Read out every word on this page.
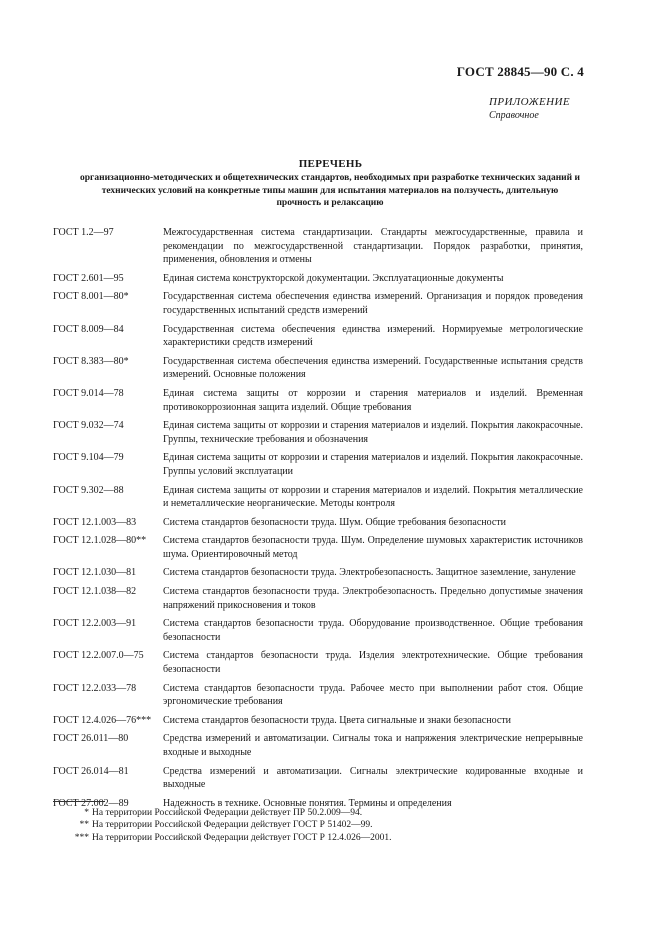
ГОСТ 28845—90 С. 4
ПРИЛОЖЕНИЕ
Справочное
ПЕРЕЧЕНЬ
организационно-методических и общетехнических стандартов, необходимых при разработке технических заданий и технических условий на конкретные типы машин для испытания материалов на ползучесть, длительную прочность и релаксацию
ГОСТ 1.2—97	Межгосударственная система стандартизации. Стандарты межгосударственные, правила и рекомендации по межгосударственной стандартизации. Порядок разработки, принятия, применения, обновления и отмены
ГОСТ 2.601—95	Единая система конструкторской документации. Эксплуатационные документы
ГОСТ 8.001—80*	Государственная система обеспечения единства измерений. Организация и порядок проведения государственных испытаний средств измерений
ГОСТ 8.009—84	Государственная система обеспечения единства измерений. Нормируемые метрологические характеристики средств измерений
ГОСТ 8.383—80*	Государственная система обеспечения единства измерений. Государственные испытания средств измерений. Основные положения
ГОСТ 9.014—78	Единая система защиты от коррозии и старения материалов и изделий. Временная противокоррозионная защита изделий. Общие требования
ГОСТ 9.032—74	Единая система защиты от коррозии и старения материалов и изделий. Покрытия лакокрасочные. Группы, технические требования и обозначения
ГОСТ 9.104—79	Единая система защиты от коррозии и старения материалов и изделий. Покрытия лакокрасочные. Группы условий эксплуатации
ГОСТ 9.302—88	Единая система защиты от коррозии и старения материалов и изделий. Покрытия металлические и неметаллические неорганические. Методы контроля
ГОСТ 12.1.003—83	Система стандартов безопасности труда. Шум. Общие требования безопасности
ГОСТ 12.1.028—80**	Система стандартов безопасности труда. Шум. Определение шумовых характеристик источников шума. Ориентировочный метод
ГОСТ 12.1.030—81	Система стандартов безопасности труда. Электробезопасность. Защитное заземление, зануление
ГОСТ 12.1.038—82	Система стандартов безопасности труда. Электробезопасность. Предельно допустимые значения напряжений прикосновения и токов
ГОСТ 12.2.003—91	Система стандартов безопасности труда. Оборудование производственное. Общие требования безопасности
ГОСТ 12.2.007.0—75	Система стандартов безопасности труда. Изделия электротехнические. Общие требования безопасности
ГОСТ 12.2.033—78	Система стандартов безопасности труда. Рабочее место при выполнении работ стоя. Общие эргономические требования
ГОСТ 12.4.026—76***	Система стандартов безопасности труда. Цвета сигнальные и знаки безопасности
ГОСТ 26.011—80	Средства измерений и автоматизации. Сигналы тока и напряжения электрические непрерывные входные и выходные
ГОСТ 26.014—81	Средства измерений и автоматизации. Сигналы электрические кодированные входные и выходные
ГОСТ 27.002—89	Надежность в технике. Основные понятия. Термины и определения
* На территории Российской Федерации действует ПР 50.2.009—94.
** На территории Российской Федерации действует ГОСТ Р 51402—99.
*** На территории Российской Федерации действует ГОСТ Р 12.4.026—2001.
